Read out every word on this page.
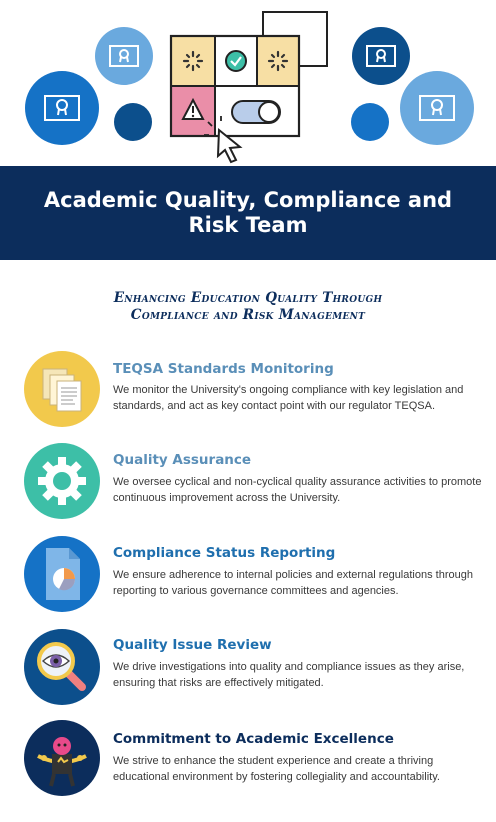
Academic Quality, Compliance and Risk Team
Enhancing Education Quality Through
Compliance and Risk Management
TEQSA Standards Monitoring
We monitor the University's ongoing compliance with key legislation and standards, and act as key contact point with our regulator TEQSA.
Quality Assurance
We oversee cyclical and non-cyclical quality assurance activities to promote continuous improvement across the University.
Compliance Status Reporting
We ensure adherence to internal policies and external regulations through reporting to various governance committees and agencies.
Quality Issue Review
We drive investigations into quality and compliance issues as they arise, ensuring that risks are effectively mitigated.
Commitment to Academic Excellence
We strive to enhance the student experience and create a thriving educational environment by fostering collegiality and accountability.
